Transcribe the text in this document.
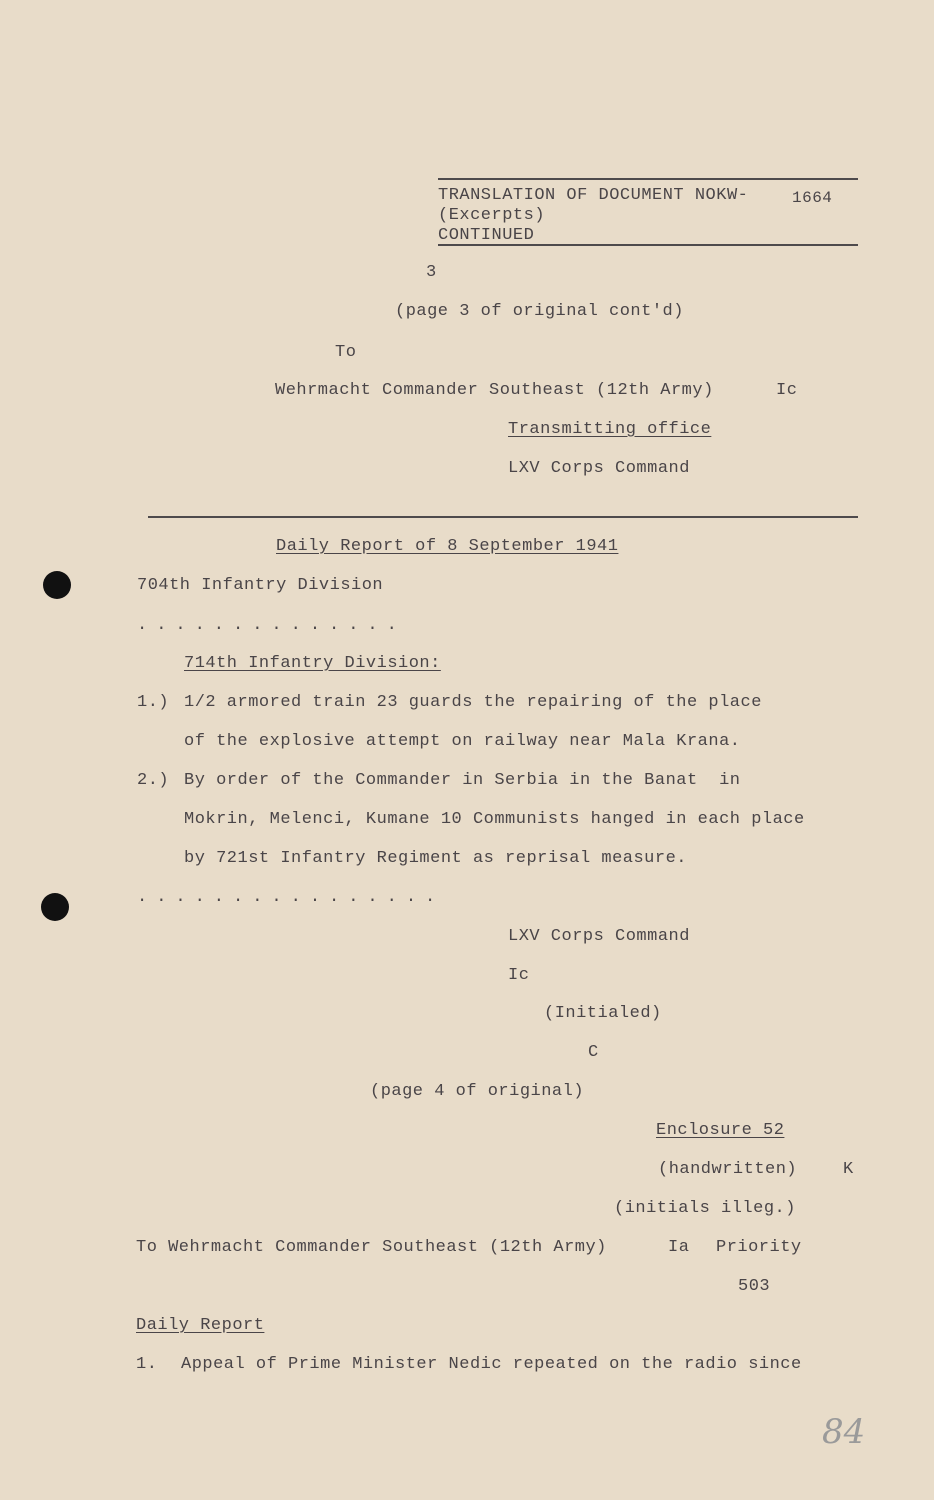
TRANSLATION OF DOCUMENT NOKW-	1664
(Excerpts)
CONTINUED
3
(page 3 of original cont'd)
To
Wehrmacht Commander Southeast (12th Army)	Ic
Transmitting office
LXV Corps Command
Daily Report of 8 September 1941
704th Infantry Division
..............
714th Infantry Division:
1.) 1/2 armored train 23 guards the repairing of the place
of the explosive attempt on railway near Mala Krana.
2.) By order of the Commander in Serbia in the Banat  in
Mokrin, Melenci, Kumane 10 Communists hanged in each place
by 721st Infantry Regiment as reprisal measure.
................
LXV Corps Command
Ic
(Initialed)
C
(page 4 of original)
Enclosure 52
(handwritten)	K
(initials illeg.)
To Wehrmacht Commander Southeast (12th Army)	Ia Priority
503
Daily Report
1. Appeal of Prime Minister Nedic repeated on the radio since
84
